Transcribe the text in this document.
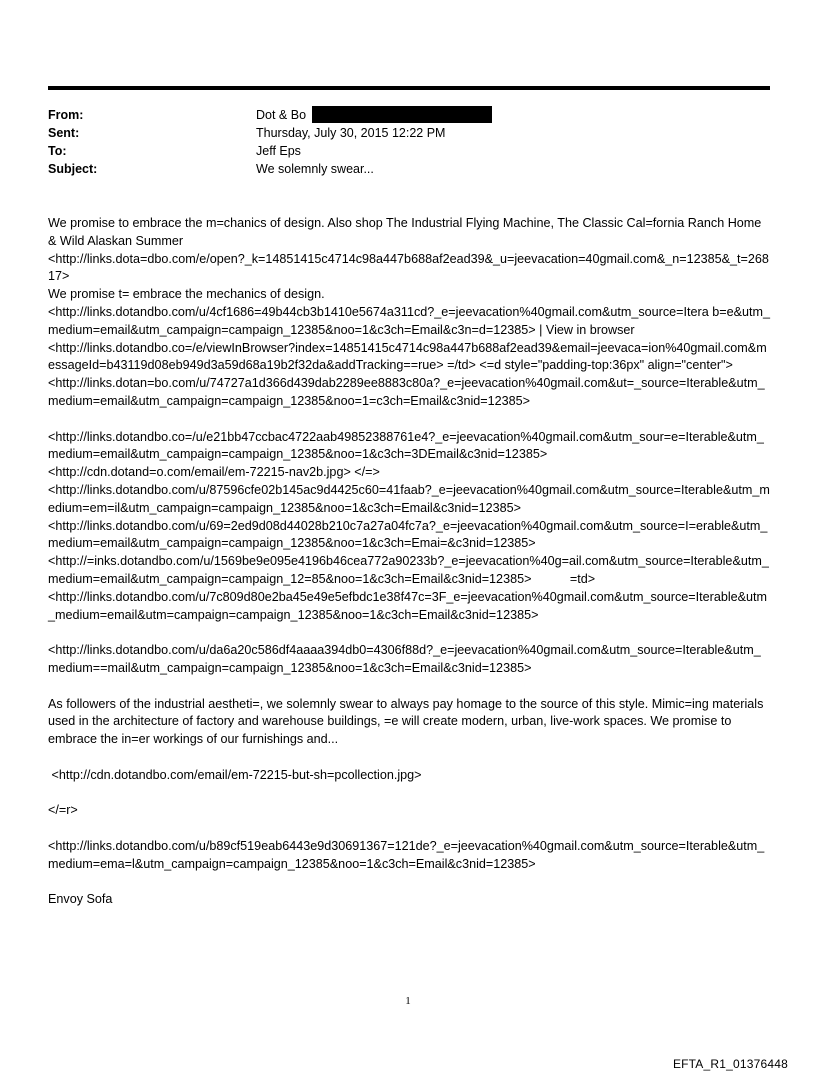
From:	Dot & Bo
Sent:	Thursday, July 30, 2015 12:22 PM
To:	Jeff Eps
Subject:	We solemnly swear...

We promise to embrace the m=chanics of design. Also shop The Industrial Flying Machine, The Classic Cal=fornia Ranch Home & Wild Alaskan Summer
<http://links.dota=dbo.com/e/open?_k=14851415c4714c98a447b688af2ead39&_u=jeevacation=40gmail.com&_n=12385&_t=26817>
We promise t= embrace the mechanics of design.
<http://links.dotandbo.com/u/4cf1686=49b44cb3b1410e5674a311cd?_e=jeevacation%40gmail.com&utm_source=Itera b=e&utm_medium=email&utm_campaign=campaign_12385&noo=1&c3ch=Email&c3n=d=12385> | View in browser
<http://links.dotandbo.co=/e/viewInBrowser?index=14851415c4714c98a447b688af2ead39&email=jeevaca=ion%40gmail.com&messageId=b43119d08eb949d3a59d68a19b2f32da&addTracking==rue> =/td> <=d style="padding-top:36px" align="center">
<http://links.dotan=bo.com/u/74727a1d366d439dab2289ee8883c80a?_e=jeevacation%40gmail.com&ut=_source=Iterable&utm_medium=email&utm_campaign=campaign_12385&noo=1=c3ch=Email&c3nid=12385>

<http://links.dotandbo.co=/u/e21bb47ccbac4722aab49852388761e4?_e=jeevacation%40gmail.com&utm_sour=e=Iterable&utm_medium=email&utm_campaign=campaign_12385&noo=1&c3ch=3DEmail&c3nid=12385>
<http://cdn.dotand=o.com/email/em-72215-nav2b.jpg> </=>
<http://links.dotandbo.com/u/87596cfe02b145ac9d4425c60=41faab?_e=jeevacation%40gmail.com&utm_source=Iterable&utm_medium=em=il&utm_campaign=campaign_12385&noo=1&c3ch=Email&c3nid=12385>
<http://links.dotandbo.com/u/69=2ed9d08d44028b210c7a27a04fc7a?_e=jeevacation%40gmail.com&utm_source=I=erable&utm_medium=email&utm_campaign=campaign_12385&noo=1&c3ch=Emai=&c3nid=12385>
<http://=inks.dotandbo.com/u/1569be9e095e4196b46cea772a90233b?_e=jeevacation%40g=ail.com&utm_source=Iterable&utm_medium=email&utm_campaign=campaign_12=85&noo=1&c3ch=Email&c3nid=12385>           =td>
<http://links.dotandbo.com/u/7c809d80e2ba45e49e5efbdc1e38f47c=3F_e=jeevacation%40gmail.com&utm_source=Iterable&utm_medium=email&utm=campaign=campaign_12385&noo=1&c3ch=Email&c3nid=12385>

<http://links.dotandbo.com/u/da6a20c586df4aaaa394db0=4306f88d?_e=jeevacation%40gmail.com&utm_source=Iterable&utm_medium==mail&utm_campaign=campaign_12385&noo=1&c3ch=Email&c3nid=12385>

As followers of the industrial aestheti=, we solemnly swear to always pay homage to the source of this style. Mimic=ing materials used in the architecture of factory and warehouse buildings, =e will create modern, urban, live-work spaces. We promise to embrace the in=er workings of our furnishings and...

<http://cdn.dotandbo.com/email/em-72215-but-sh=pcollection.jpg>

</=r>

<http://links.dotandbo.com/u/b89cf519eab6443e9d30691367=121de?_e=jeevacation%40gmail.com&utm_source=Iterable&utm_medium=ema=l&utm_campaign=campaign_12385&noo=1&c3ch=Email&c3nid=12385>

Envoy Sofa

1
EFTA_R1_01376448
